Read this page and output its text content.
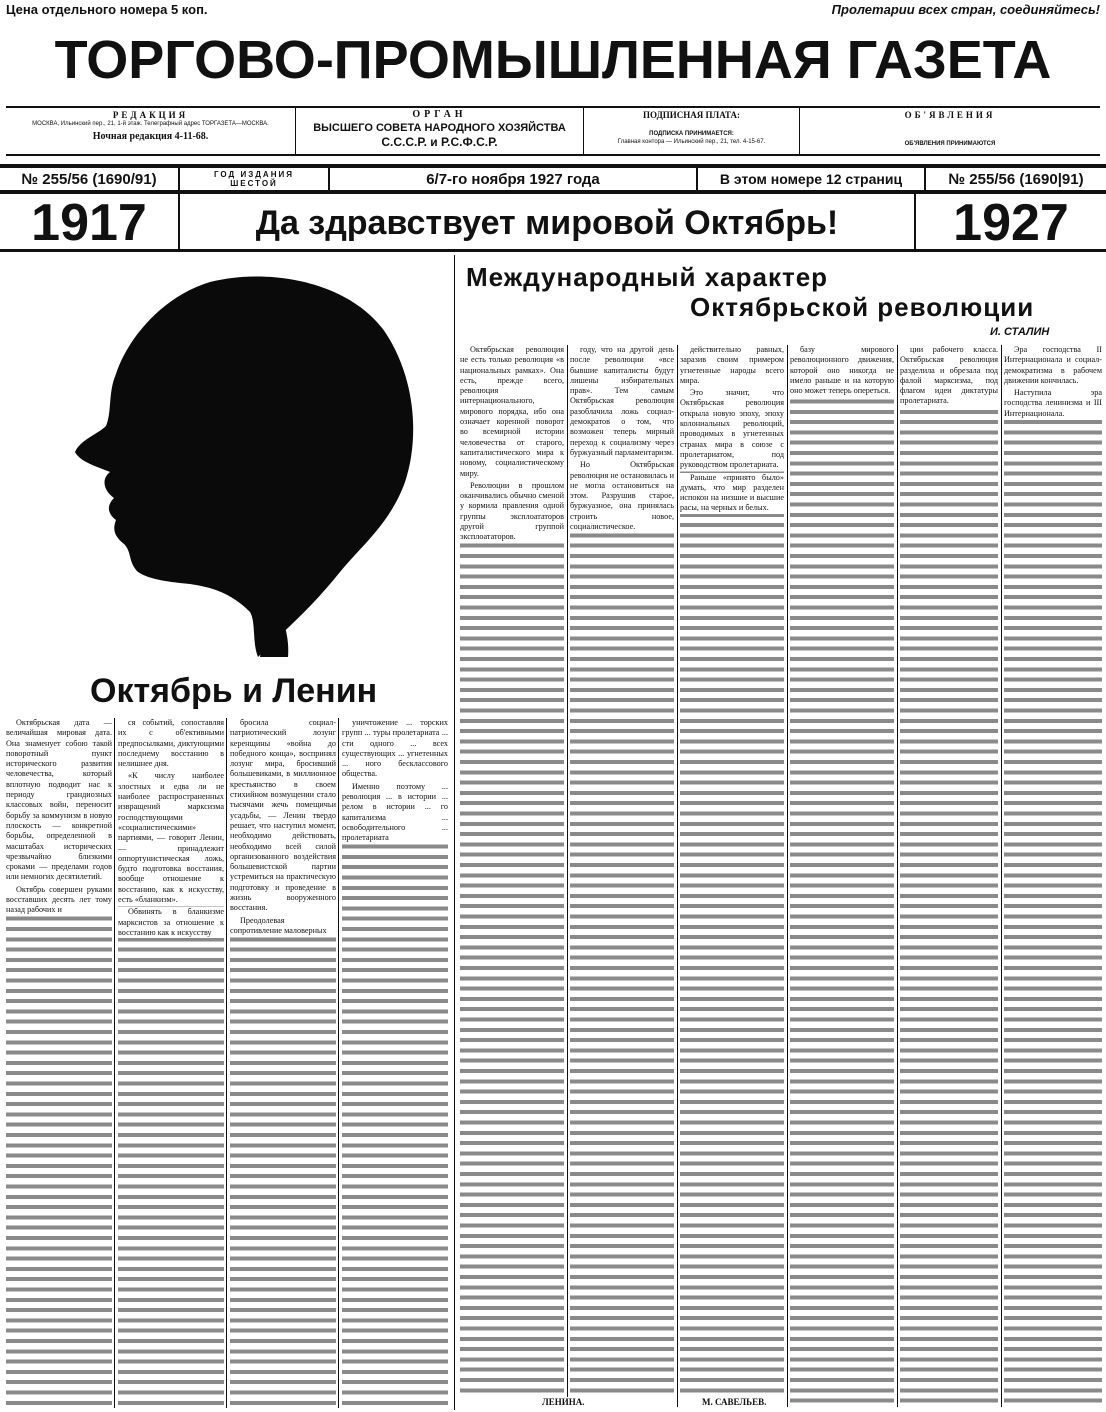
Цена отдельного номера 5 коп.	Пролетарии всех стран, соединяйтесь!
ТОРГОВО-ПРОМЫШЛЕННАЯ ГАЗЕТА
РЕДАКЦИЯ
МОСКВА, Ильинский пер., 21, 1-й этаж. Телеграфный адрес ТОРГАЗЕТА—МОСКВА.
Ночная редакция 4-11-68.
ОРГАН
ВЫСШЕГО СОВЕТА НАРОДНОГО ХОЗЯЙСТВА
С.С.С.Р. и Р.С.Ф.С.Р.
ПОДПИСНАЯ ПЛАТА:
ПОДПИСКА ПРИНИМАЕТСЯ:
Главная контора — Ильинский пер., 21, тел. 4-15-67.
ОБ'ЯВЛЕНИЯ
ОБ'ЯВЛЕНИЯ ПРИНИМАЮТСЯ
№ 255/56 (1690/91)	ГОД ИЗДАНИЯ ШЕСТОЙ	6/7-го ноября 1927 года	В этом номере 12 страниц	№ 255/56 (1690|91)
1917	Да здравствует мировой Октябрь!	1927
Октябрь и Ленин

Октябрьская дата — величайшая мировая дата. Она знаменует собою такой поворотный пункт исторического развития человечества, который вплотную подводит нас к периоду грандиозных классовых войн, переносит борьбу за коммунизм в новую плоскость — конкретной борьбы, определенной в масштабах исторических чрезвычайно близкими сроками — пределами годов или немногих десятилетий.

Октябрь совершен руками восставших десять лет тому назад рабочих и

ся событий, сопоставляя их с об'ективными предпосылками, диктующими последнему восстанию в нелишнее дня.

«К числу наиболее злостных и едва ли не наиболее распространенных извращений марксизма господствующими «социалистическими» партиями, — говорит Ленин, — принадлежит оппортунистическая ложь, будто подготовка восстания, вообще отношение к восстанию, как к искусству, есть «бланкизм».

Обвинять в бланкизме марксистов за отношение к восстанию как к искусству

бросила социал-патриотический лозунг керенщины «война до победного конца», воспринял лозунг мира, бросивший большевиками, в миллионное крестьянство в своем стихийном возмущении стало тысячами жечь помещичьи усадьбы, — Ленин твердо решает, что наступил момент, необходимо действовать, необходимо всей силой организованного воздействия большевистской партии устремиться на практическую подготовку и проведение в жизнь вооруженного восстания.

Преодолевая сопротивление маловерных

уничтожение ... торских групп ... туры пролетариата ... сти одного ... всех существующих ... угнетенных ... ного бесклассового общества.

Именно поэтому ... революция ... в истории ... релом в истории ... го капитализма ... освободительного ... пролетариата

Международный характер
Октябрьской революции
И. СТАЛИН

Октябрьская революция не есть только революция «в национальных рамках». Она есть, прежде всего, революция интернационального, мирового порядка, ибо она означает коренной поворот во всемирной истории человечества от старого, капиталистического мира к новому, социалистическому миру.

Революции в прошлом оканчивались обычно сменой у кормила правления одной группы эксплоататоров другой группой эксплоататоров.

году, что на другой день после революции «все бывшие капиталисты будут лишены избирательных прав». Тем самым Октябрьская революция разоблачила ложь социал-демократов о том, что возможен теперь мирный переход к социализму через буржуазный парламентаризм.

Но Октябрьская революция не остановилась и не могла остановиться на этом. Разрушив старое, буржуазное, она принялась строить новое, социалистическое.

действительно равных, заразив своим примером угнетенные народы всего мира.

Это значит, что Октябрьская революция открыла новую эпоху, эпоху колониальных революций, проводимых в угнетенных странах мира в союзе с пролетариатом, под руководством пролетариата.

Раньше «принято было» думать, что мир разделен испокон на низшие и высшие расы, на черных и белых.

базу мирового революционного движения, которой оно никогда не имело раньше и на которую оно может теперь опереться.

ции рабочего класса. Октябрьская революция разделила и обрезала под фалой марксизма, под флагом идеи диктатуры пролетариата.

Эра господства II Интернационала и социал-демократизма в рабочем движении кончилась.

Наступила эра господства ленинизма и III Интернационала.

ЛЕНИНА.	М. САВЕЛЬЕВ.
